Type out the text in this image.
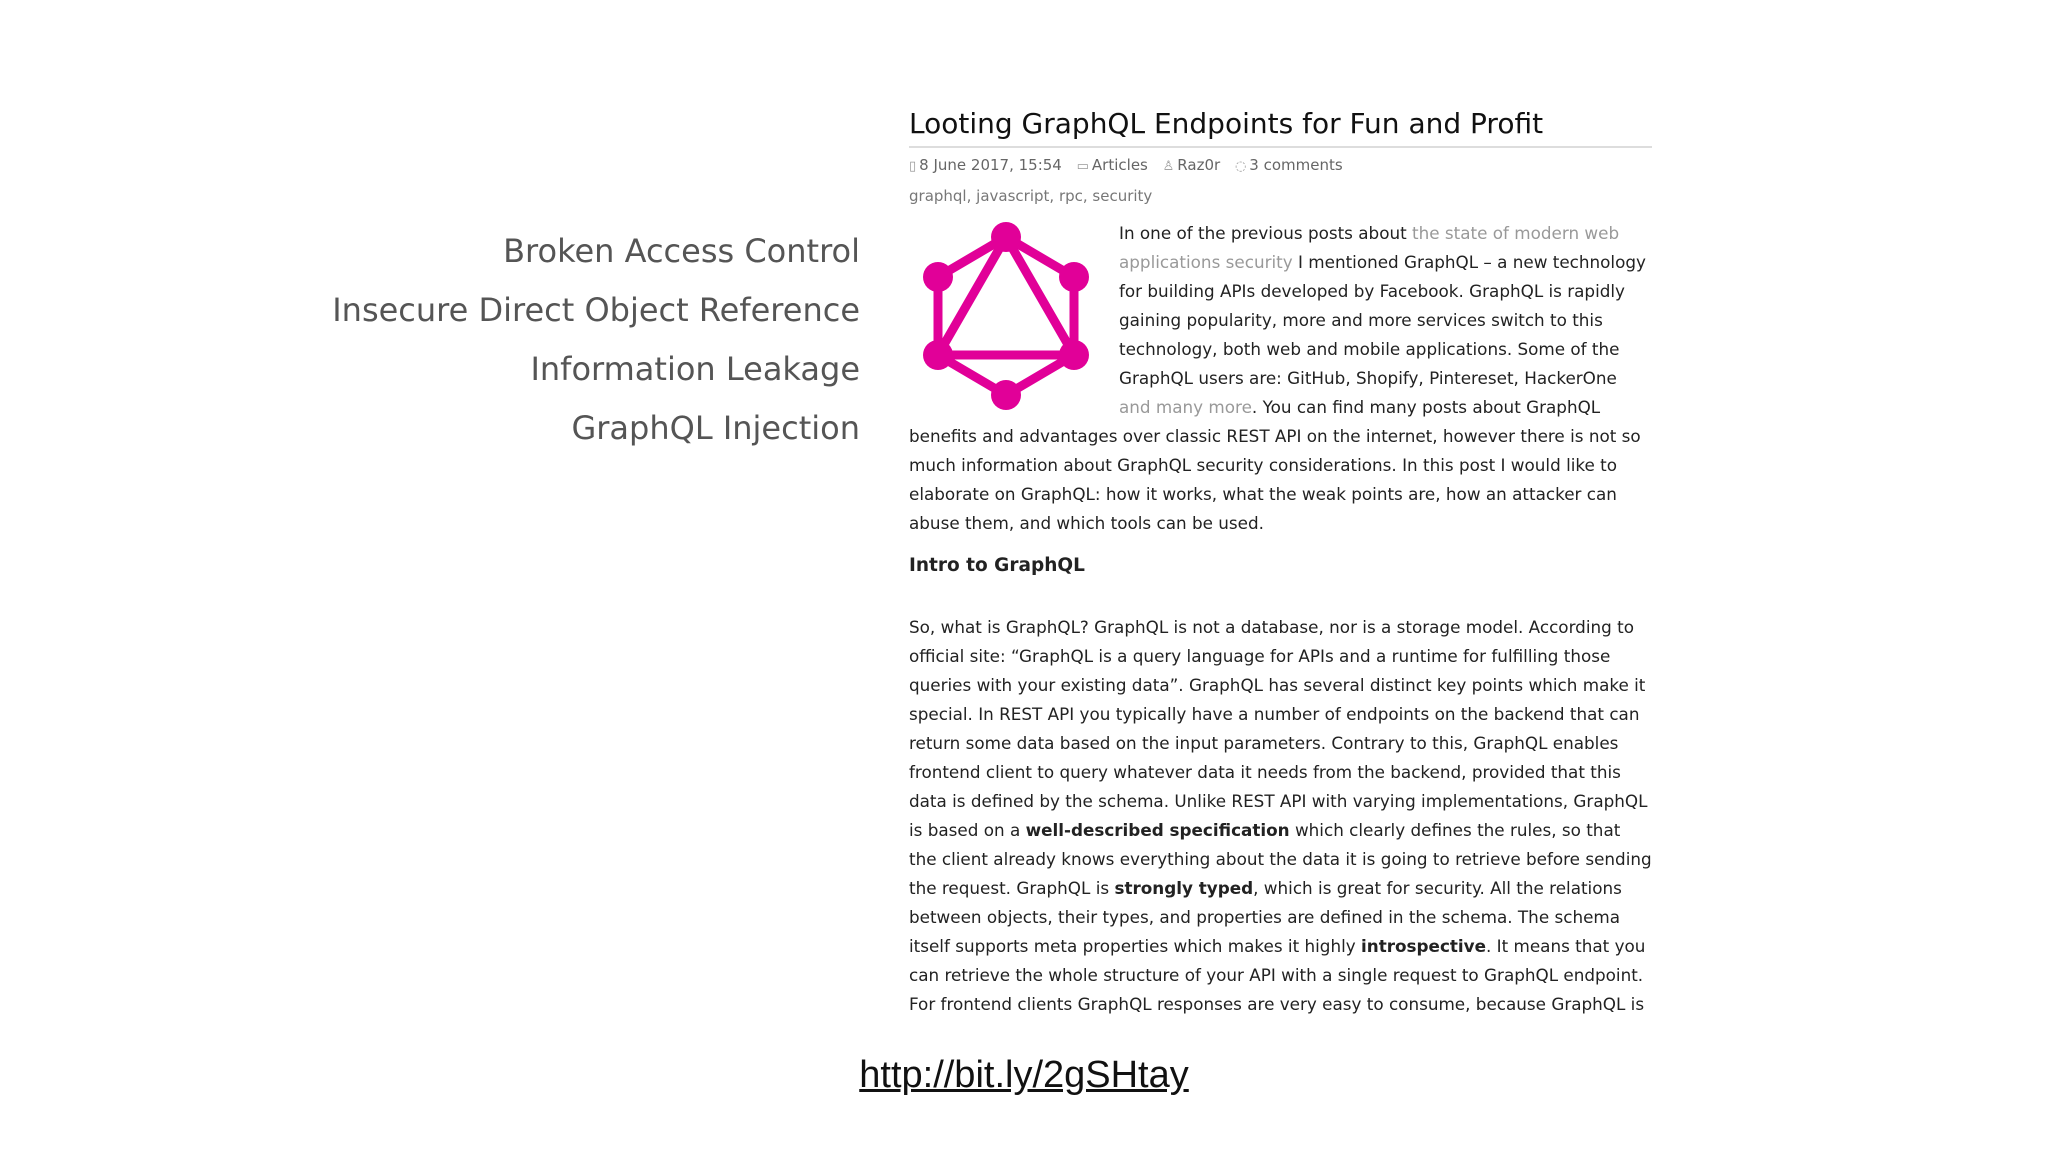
Broken Access Control
Insecure Direct Object Reference
Information Leakage
GraphQL Injection
Looting GraphQL Endpoints for Fun and Profit
▯ 8 June 2017, 15:54 ▭ Articles ♙ Raz0r ◌ 3 comments
graphql, javascript, rpc, security
In one of the previous posts about the state of modern web applications security I mentioned GraphQL – a new technology for building APIs developed by Facebook. GraphQL is rapidly gaining popularity, more and more services switch to this technology, both web and mobile applications. Some of the GraphQL users are: GitHub, Shopify, Pintereset, HackerOne and many more. You can find many posts about GraphQL benefits and advantages over classic REST API on the internet, however there is not so much information about GraphQL security considerations. In this post I would like to elaborate on GraphQL: how it works, what the weak points are, how an attacker can abuse them, and which tools can be used.
Intro to GraphQL
So, what is GraphQL? GraphQL is not a database, nor is a storage model. According to official site: “GraphQL is a query language for APIs and a runtime for fulfilling those queries with your existing data”. GraphQL has several distinct key points which make it special. In REST API you typically have a number of endpoints on the backend that can return some data based on the input parameters. Contrary to this, GraphQL enables frontend client to query whatever data it needs from the backend, provided that this data is defined by the schema. Unlike REST API with varying implementations, GraphQL is based on a well-described specification which clearly defines the rules, so that the client already knows everything about the data it is going to retrieve before sending the request. GraphQL is strongly typed, which is great for security. All the relations between objects, their types, and properties are defined in the schema. The schema itself supports meta properties which makes it highly introspective. It means that you can retrieve the whole structure of your API with a single request to GraphQL endpoint. For frontend clients GraphQL responses are very easy to consume, because GraphQL is
http://bit.ly/2gSHtay
